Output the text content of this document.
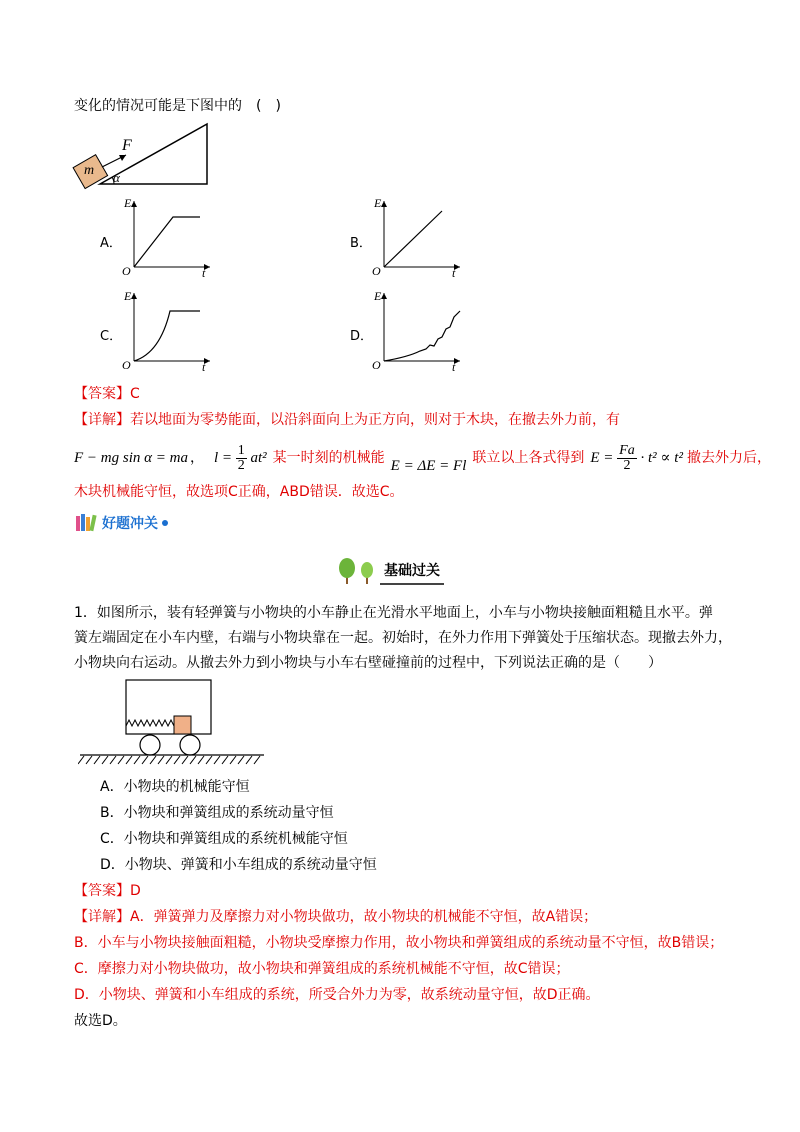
变化的情况可能是下图中的　(　)
m
F
α
A．
E
O	t
B．
E
O	t
C．
E
O	t
D．
E
O	t
【答案】C
【详解】若以地面为零势能面，以沿斜面向上为正方向，则对于木块，在撤去外力前，有
F − mg sin α = ma ， $l = \frac{1}{2} at^2$ 某一时刻的机械能 E = ΔE = Fl 联立以上各式得到 $E = \frac{Fa}{2} \cdot t^2 \propto t^2$ 撤去外力后，
木块机械能守恒，故选项C正确，ABD错误．故选C。
好题冲关
基础过关
1．如图所示，装有轻弹簧与小物块的小车静止在光滑水平地面上，小车与小物块接触面粗糙且水平。弹
簧左端固定在小车内壁，右端与小物块靠在一起。初始时，在外力作用下弹簧处于压缩状态。现撤去外力，
小物块向右运动。从撤去外力到小物块与小车右壁碰撞前的过程中，下列说法正确的是（　　）
A．小物块的机械能守恒
B．小物块和弹簧组成的系统动量守恒
C．小物块和弹簧组成的系统机械能守恒
D．小物块、弹簧和小车组成的系统动量守恒
【答案】D
【详解】A．弹簧弹力及摩擦力对小物块做功，故小物块的机械能不守恒，故A错误；
B．小车与小物块接触面粗糙，小物块受摩擦力作用，故小物块和弹簧组成的系统动量不守恒，故B错误；
C．摩擦力对小物块做功，故小物块和弹簧组成的系统机械能不守恒，故C错误；
D．小物块、弹簧和小车组成的系统，所受合外力为零，故系统动量守恒，故D正确。
故选D。
